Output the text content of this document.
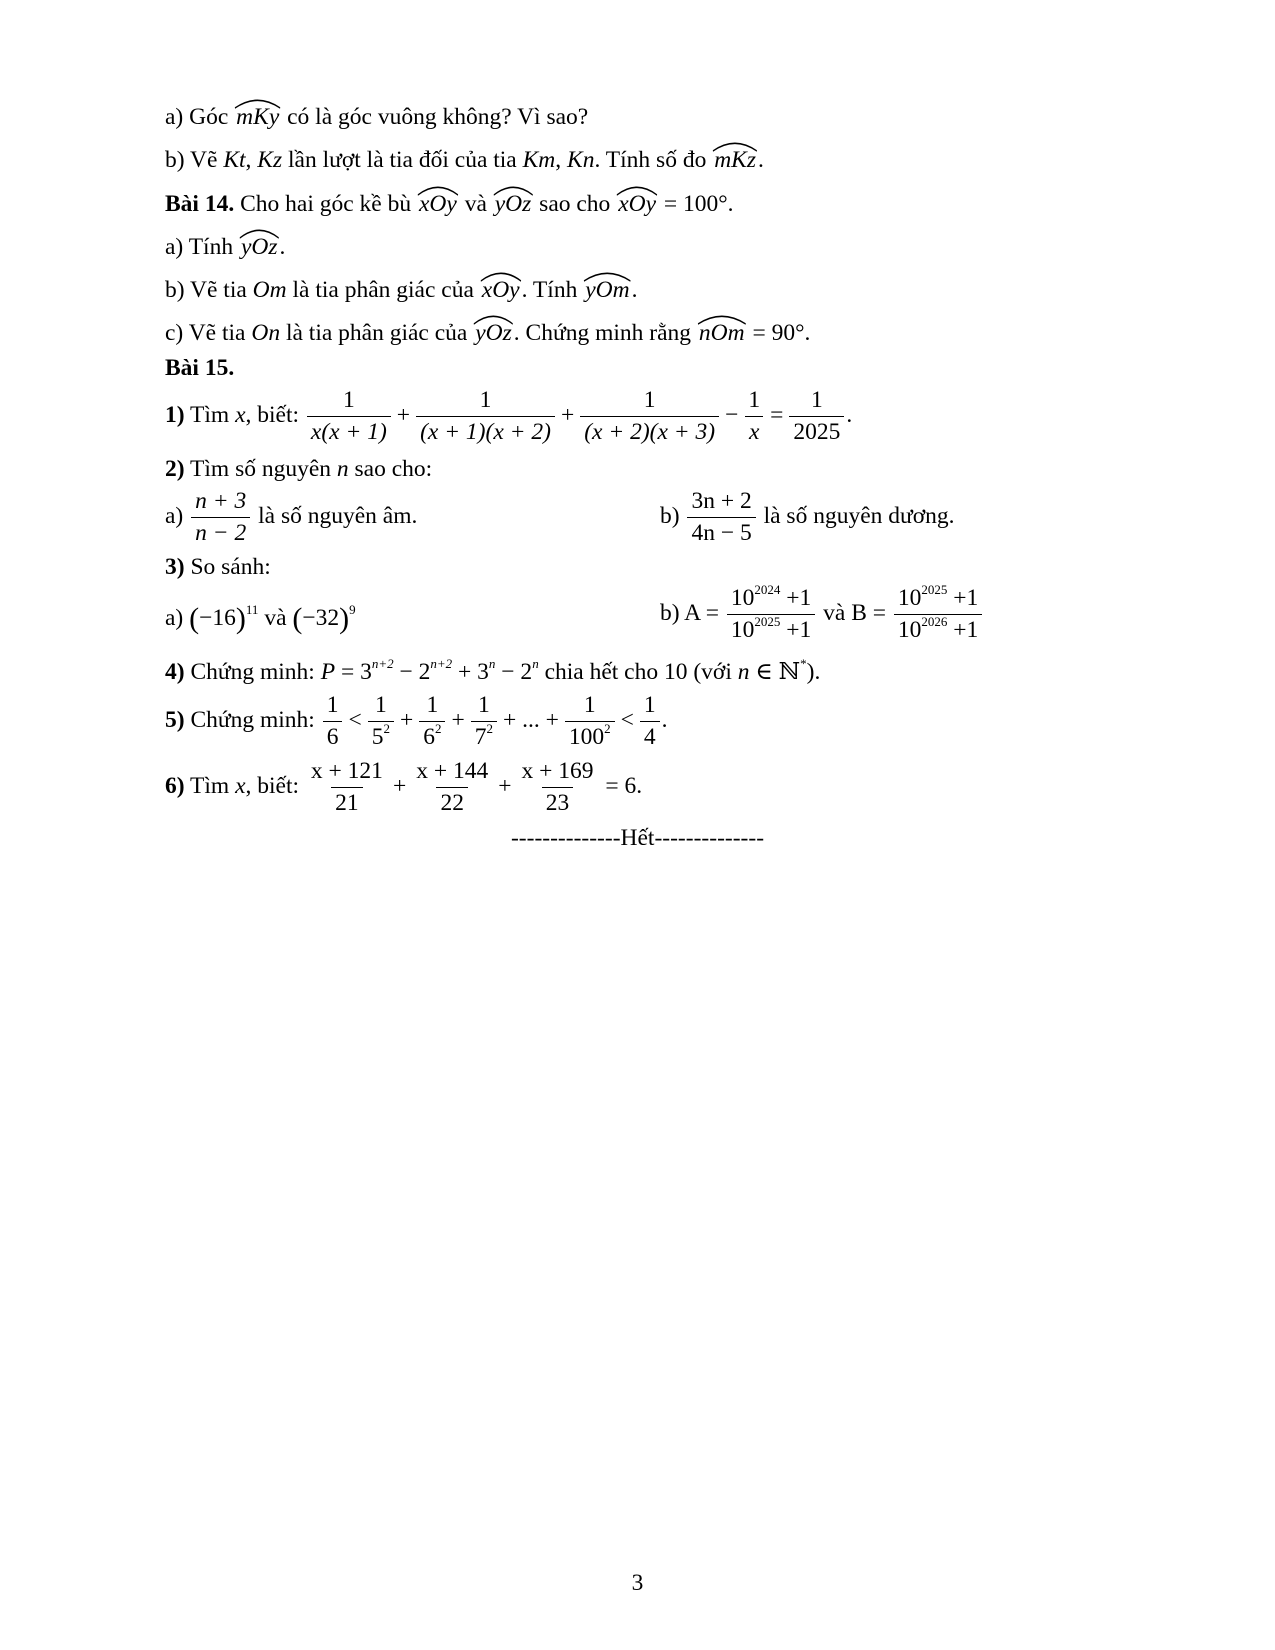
a) Góc mKy có là góc vuông không? Vì sao?
b) Vẽ Kt, Kz lần lượt là tia đối của tia Km, Kn. Tính số đo mKz.
Bài 14. Cho hai góc kề bù xOy và yOz sao cho xOy = 100°.
a) Tính yOz.
b) Vẽ tia Om là tia phân giác của xOy. Tính yOm.
c) Vẽ tia On là tia phân giác của yOz. Chứng minh rằng nOm = 90°.
Bài 15.
1) Tìm x, biết: $\frac{1}{x(x + 1)} + \frac{1}{(x + 1)(x + 2)} + \frac{1}{(x + 2)(x + 3)} - \frac{1}{x} = \frac{1}{2025}$ .
2) Tìm số nguyên n sao cho:
$a) \frac{n + 3}{n - 2}$ là số nguyên âm.	$b) \frac{3n + 2}{4n - 5}$ là số nguyên dương.
3) So sánh:
a) $(-16)^{11}$ và $(-32)^9$	b) $A = \frac{10^{2024} +1}{10^{2025} +1}$ và $B = \frac{10^{2025} +1}{10^{2026} +1}$
4) Chứng minh: $P = 3^{n+2} - 2^{n+2} + 3^n - 2^n$ chia hết cho 10 (với n ∈ ℕ*).
5) Chứng minh: $\frac{1}{6} < \frac{1}{5^2} + \frac{1}{6^2} + \frac{1}{7^2}$ + ... + $\frac{1}{100^2} < \frac{1}{4}$ .
6) Tìm x, biết: $\frac{x + 121}{21} + \frac{x + 144}{22} + \frac{x + 169}{23} = 6$.
--------------Hết--------------
3
